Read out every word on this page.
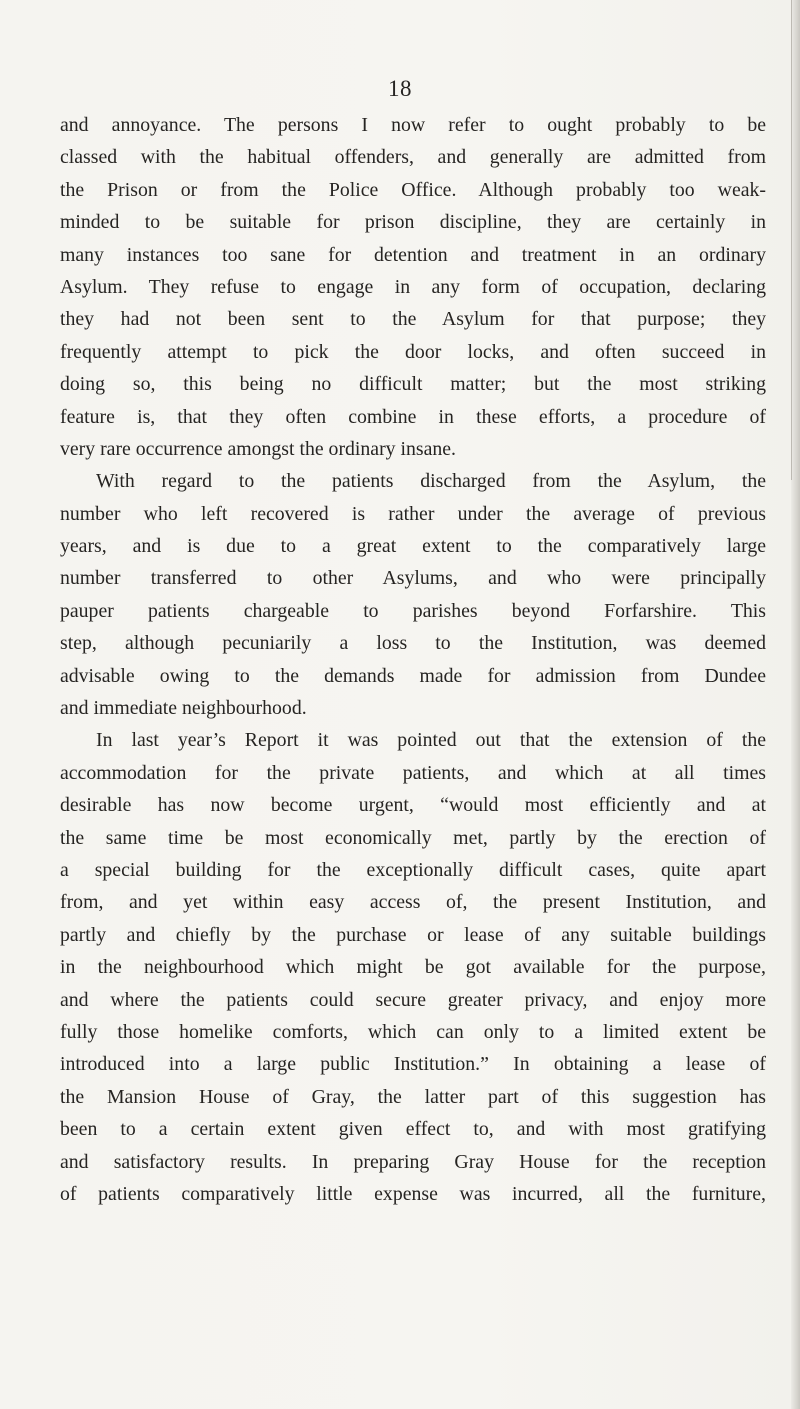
18
and annoyance. The persons I now refer to ought probably to be
classed with the habitual offenders, and generally are admitted from
the Prison or from the Police Office. Although probably too weak-
minded to be suitable for prison discipline, they are certainly in
many instances too sane for detention and treatment in an ordinary
Asylum. They refuse to engage in any form of occupation, declaring
they had not been sent to the Asylum for that purpose; they
frequently attempt to pick the door locks, and often succeed in
doing so, this being no difficult matter; but the most striking
feature is, that they often combine in these efforts, a procedure of
very rare occurrence amongst the ordinary insane.
With regard to the patients discharged from the Asylum, the
number who left recovered is rather under the average of previous
years, and is due to a great extent to the comparatively large
number transferred to other Asylums, and who were principally
pauper patients chargeable to parishes beyond Forfarshire. This
step, although pecuniarily a loss to the Institution, was deemed
advisable owing to the demands made for admission from Dundee
and immediate neighbourhood.
In last year’s Report it was pointed out that the extension of the
accommodation for the private patients, and which at all times
desirable has now become urgent, “would most efficiently and at
the same time be most economically met, partly by the erection of
a special building for the exceptionally difficult cases, quite apart
from, and yet within easy access of, the present Institution, and
partly and chiefly by the purchase or lease of any suitable buildings
in the neighbourhood which might be got available for the purpose,
and where the patients could secure greater privacy, and enjoy more
fully those homelike comforts, which can only to a limited extent be
introduced into a large public Institution.” In obtaining a lease of
the Mansion House of Gray, the latter part of this suggestion has
been to a certain extent given effect to, and with most gratifying
and satisfactory results. In preparing Gray House for the reception
of patients comparatively little expense was incurred, all the furniture,
